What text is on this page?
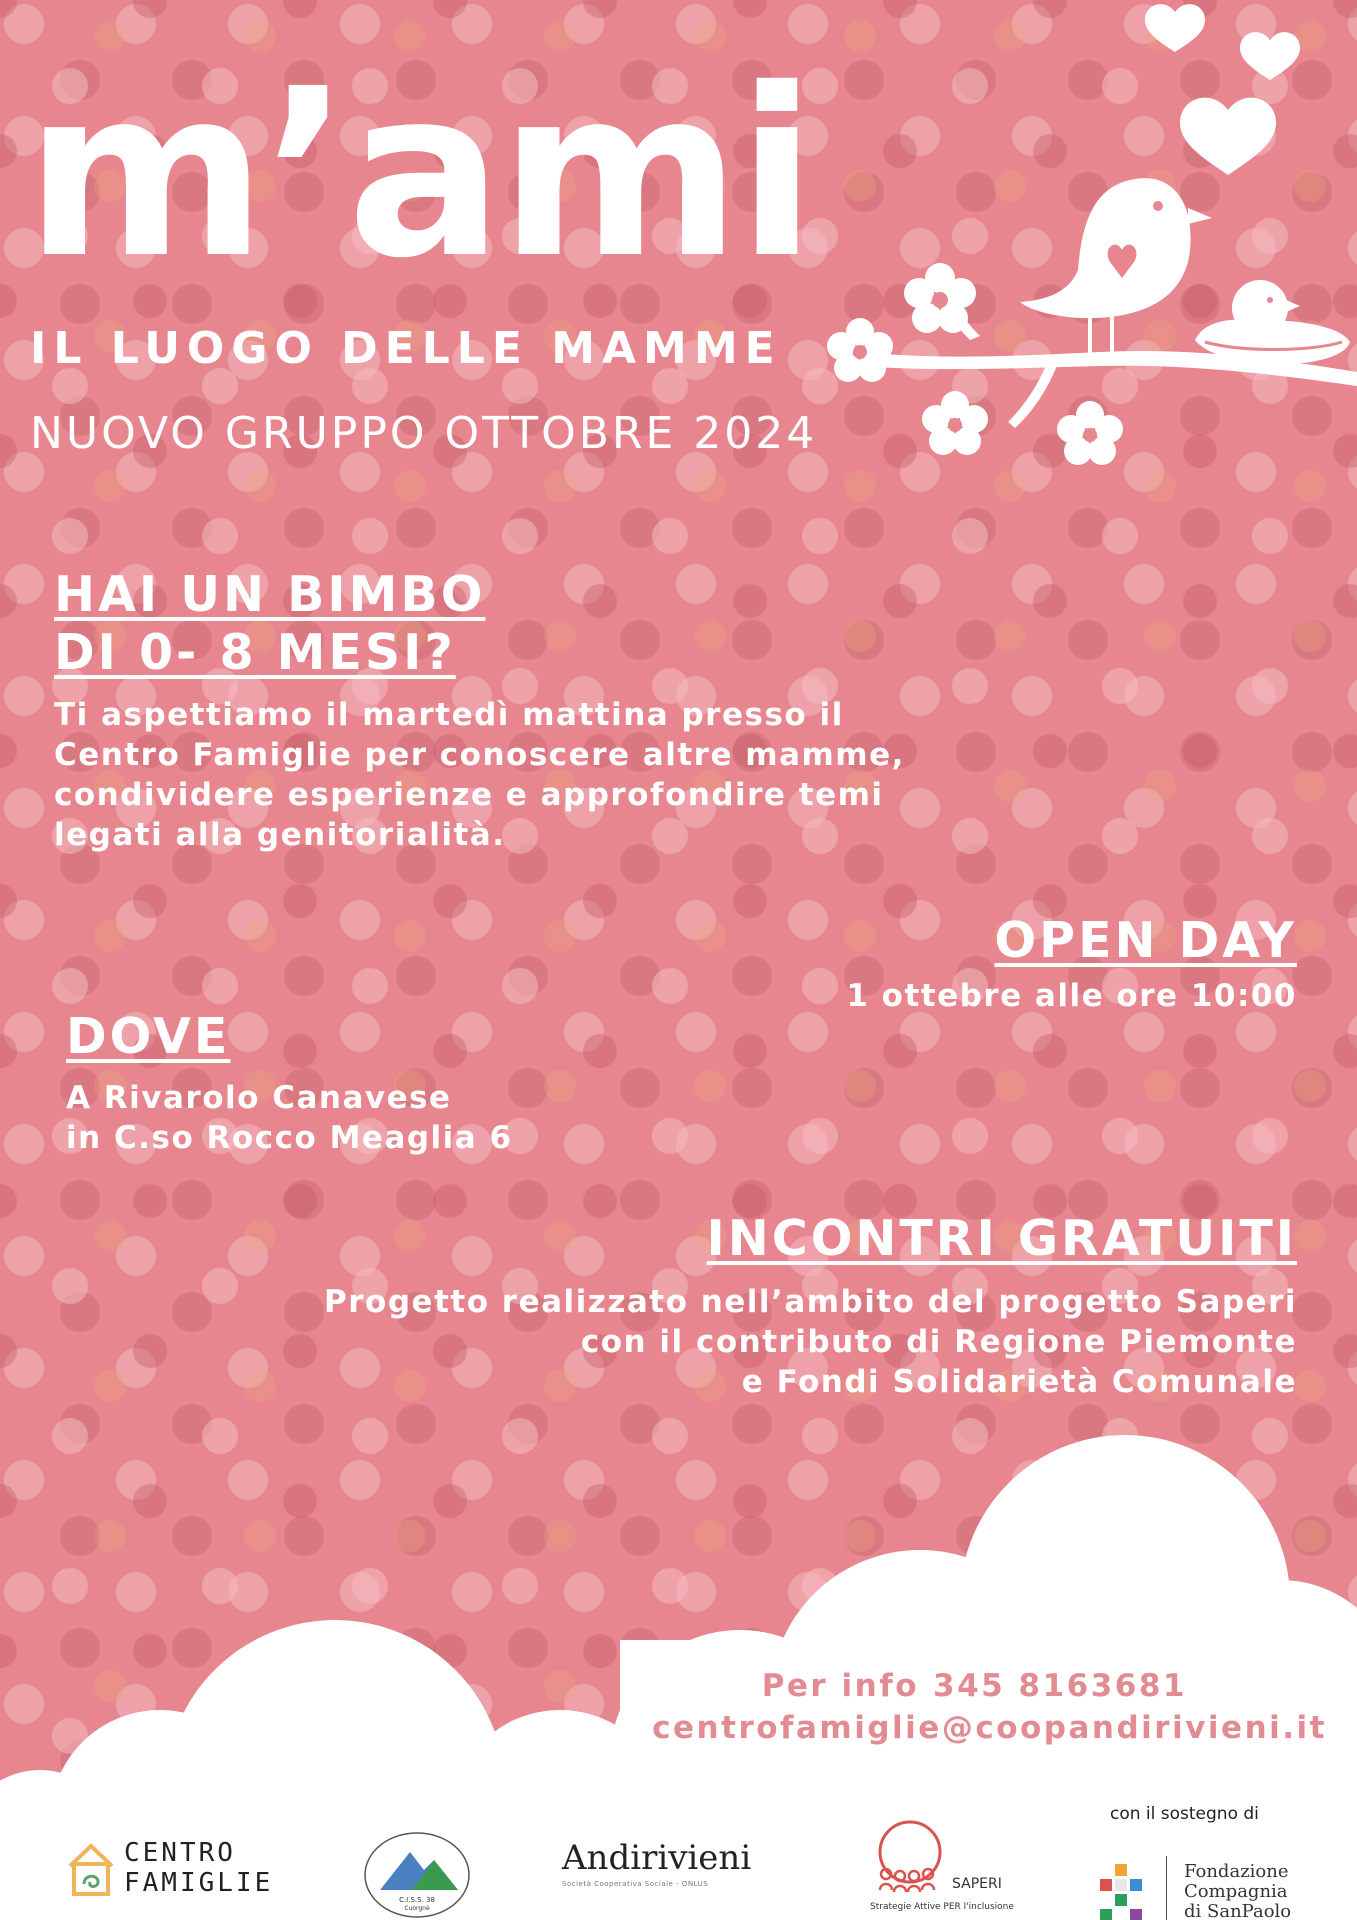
m’ami
IL LUOGO DELLE MAMME
NUOVO GRUPPO OTTOBRE 2024
HAI UN BIMBO
DI 0- 8 MESI?
Ti aspettiamo il martedì mattina presso il
Centro Famiglie per conoscere altre mamme,
condividere esperienze e approfondire temi
legati alla genitorialità.
OPEN DAY
1 ottebre alle ore 10:00
DOVE
A Rivarolo Canavese
in C.so Rocco Meaglia 6
INCONTRI GRATUITI
Progetto realizzato nell’ambito del progetto Saperi
con il contributo di Regione Piemonte
e Fondi Solidarietà Comunale
Per info 345 8163681
centrofamiglie@coopandirivieni.it
CENTRO
FAMIGLIE
C.I.S.S. 38
Cuorgnè
Andirivieni
Società Cooperativa Sociale - ONLUS	SAPERI
Strategie Attive PER l'inclusione
con il sostegno di
Fondazione
Compagnia
di SanPaolo
